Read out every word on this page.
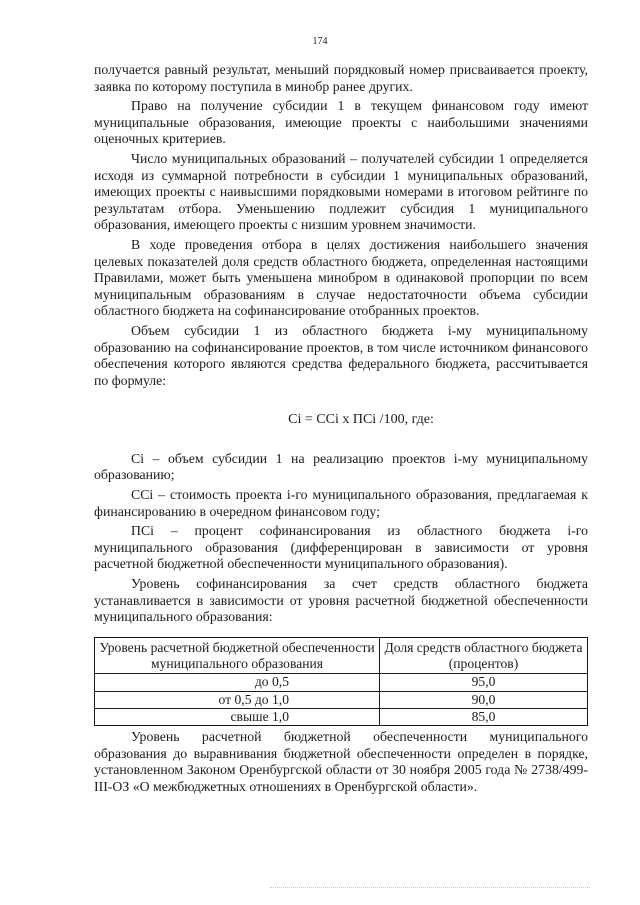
174

получается равный результат, меньший порядковый номер присваивается проекту, заявка по которому поступила в минобр ранее других.

Право на получение субсидии 1 в текущем финансовом году имеют муниципальные образования, имеющие проекты с наибольшими значениями оценочных критериев.

Число муниципальных образований – получателей субсидии 1 определяется исходя из суммарной потребности в субсидии 1 муниципальных образований, имеющих проекты с наивысшими порядковыми номерами в итоговом рейтинге по результатам отбора. Уменьшению подлежит субсидия 1 муниципального образования, имеющего проекты с низшим уровнем значимости.

В ходе проведения отбора в целях достижения наибольшего значения целевых показателей доля средств областного бюджета, определенная настоящими Правилами, может быть уменьшена минобром в одинаковой пропорции по всем муниципальным образованиям в случае недостаточности объема субсидии областного бюджета на софинансирование отобранных проектов.

Объем субсидии 1 из областного бюджета i-му муниципальному образованию на софинансирование проектов, в том числе источником финансового обеспечения которого являются средства федерального бюджета, рассчитывается по формуле:

Ci = CCi x ПCi /100, где:

Ci – объем субсидии 1 на реализацию проектов i-му муниципальному образованию;

CCi – стоимость проекта i-го муниципального образования, предлагаемая к финансированию в очередном финансовом году;

ПCi – процент софинансирования из областного бюджета i-го муниципального образования (дифференцирован в зависимости от уровня расчетной бюджетной обеспеченности муниципального образования).

Уровень софинансирования за счет средств областного бюджета устанавливается в зависимости от уровня расчетной бюджетной обеспеченности муниципального образования:

Уровень расчетной бюджетной обеспеченности муниципального образования	Доля средств областного бюджета (процентов)
до 0,5	95,0
от 0,5 до 1,0	90,0
свыше 1,0	85,0

Уровень расчетной бюджетной обеспеченности муниципального образования до выравнивания бюджетной обеспеченности определен в порядке, установленном Законом Оренбургской области от 30 ноября 2005 года № 2738/499-III-ОЗ «О межбюджетных отношениях в Оренбургской области».
